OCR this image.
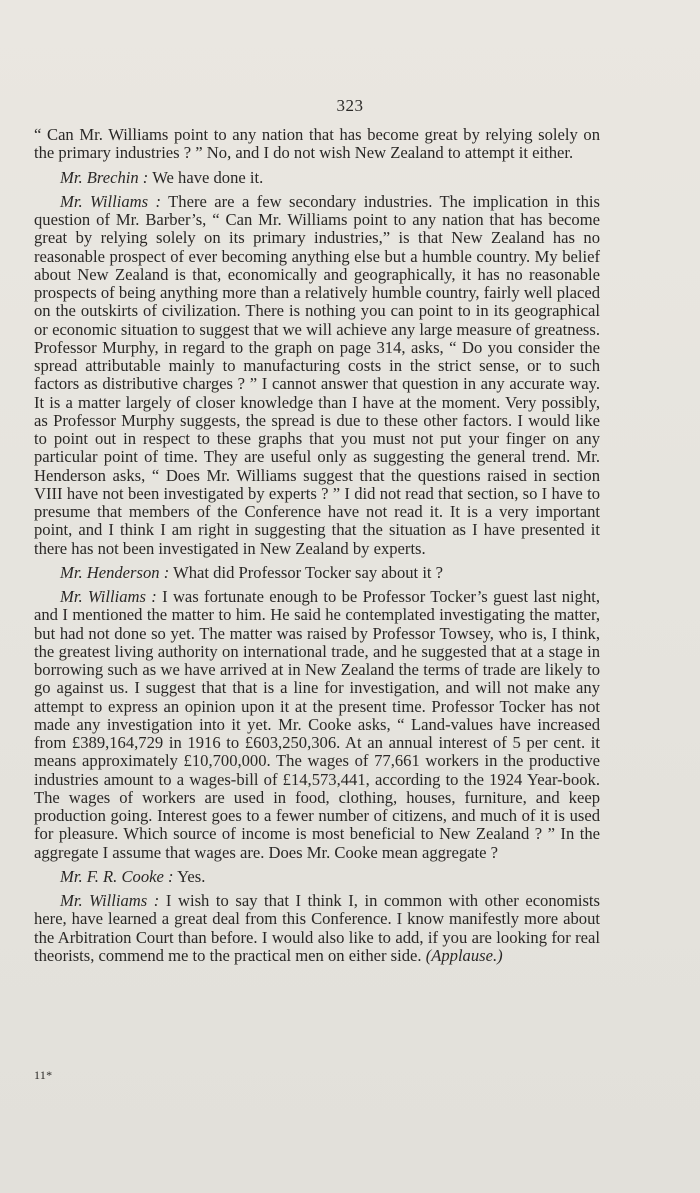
323

“ Can Mr. Williams point to any nation that has become great by relying solely on the primary industries ? ” No, and I do not wish New Zealand to attempt it either.

Mr. Brechin : We have done it.

Mr. Williams : There are a few secondary industries. The implication in this question of Mr. Barber’s, “ Can Mr. Williams point to any nation that has become great by relying solely on its primary industries,” is that New Zealand has no reasonable prospect of ever becoming anything else but a humble country. My belief about New Zealand is that, economically and geographically, it has no reasonable prospects of being anything more than a relatively humble country, fairly well placed on the outskirts of civilization. There is nothing you can point to in its geographical or economic situation to suggest that we will achieve any large measure of greatness. Professor Murphy, in regard to the graph on page 314, asks, “ Do you consider the spread attributable mainly to manufacturing costs in the strict sense, or to such factors as distributive charges ? ” I cannot answer that question in any accurate way. It is a matter largely of closer knowledge than I have at the moment. Very possibly, as Professor Murphy suggests, the spread is due to these other factors. I would like to point out in respect to these graphs that you must not put your finger on any particular point of time. They are useful only as suggesting the general trend. Mr. Henderson asks, “ Does Mr. Williams suggest that the questions raised in section VIII have not been investigated by experts ? ” I did not read that section, so I have to presume that members of the Conference have not read it. It is a very important point, and I think I am right in suggesting that the situation as I have presented it there has not been investigated in New Zealand by experts.

Mr. Henderson : What did Professor Tocker say about it ?

Mr. Williams : I was fortunate enough to be Professor Tocker’s guest last night, and I mentioned the matter to him. He said he contemplated investigating the matter, but had not done so yet. The matter was raised by Professor Towsey, who is, I think, the greatest living authority on international trade, and he suggested that at a stage in borrowing such as we have arrived at in New Zealand the terms of trade are likely to go against us. I suggest that that is a line for investigation, and will not make any attempt to express an opinion upon it at the present time. Professor Tocker has not made any investigation into it yet. Mr. Cooke asks, “ Land-values have increased from £389,164,729 in 1916 to £603,250,306. At an annual interest of 5 per cent. it means approximately £10,700,000. The wages of 77,661 workers in the productive industries amount to a wages-bill of £14,573,441, according to the 1924 Year-book. The wages of workers are used in food, clothing, houses, furniture, and keep production going. Interest goes to a fewer number of citizens, and much of it is used for pleasure. Which source of income is most beneficial to New Zealand ? ” In the aggregate I assume that wages are. Does Mr. Cooke mean aggregate ?

Mr. F. R. Cooke : Yes.

Mr. Williams : I wish to say that I think I, in common with other economists here, have learned a great deal from this Conference. I know manifestly more about the Arbitration Court than before. I would also like to add, if you are looking for real theorists, commend me to the practical men on either side. (Applause.)

11*
